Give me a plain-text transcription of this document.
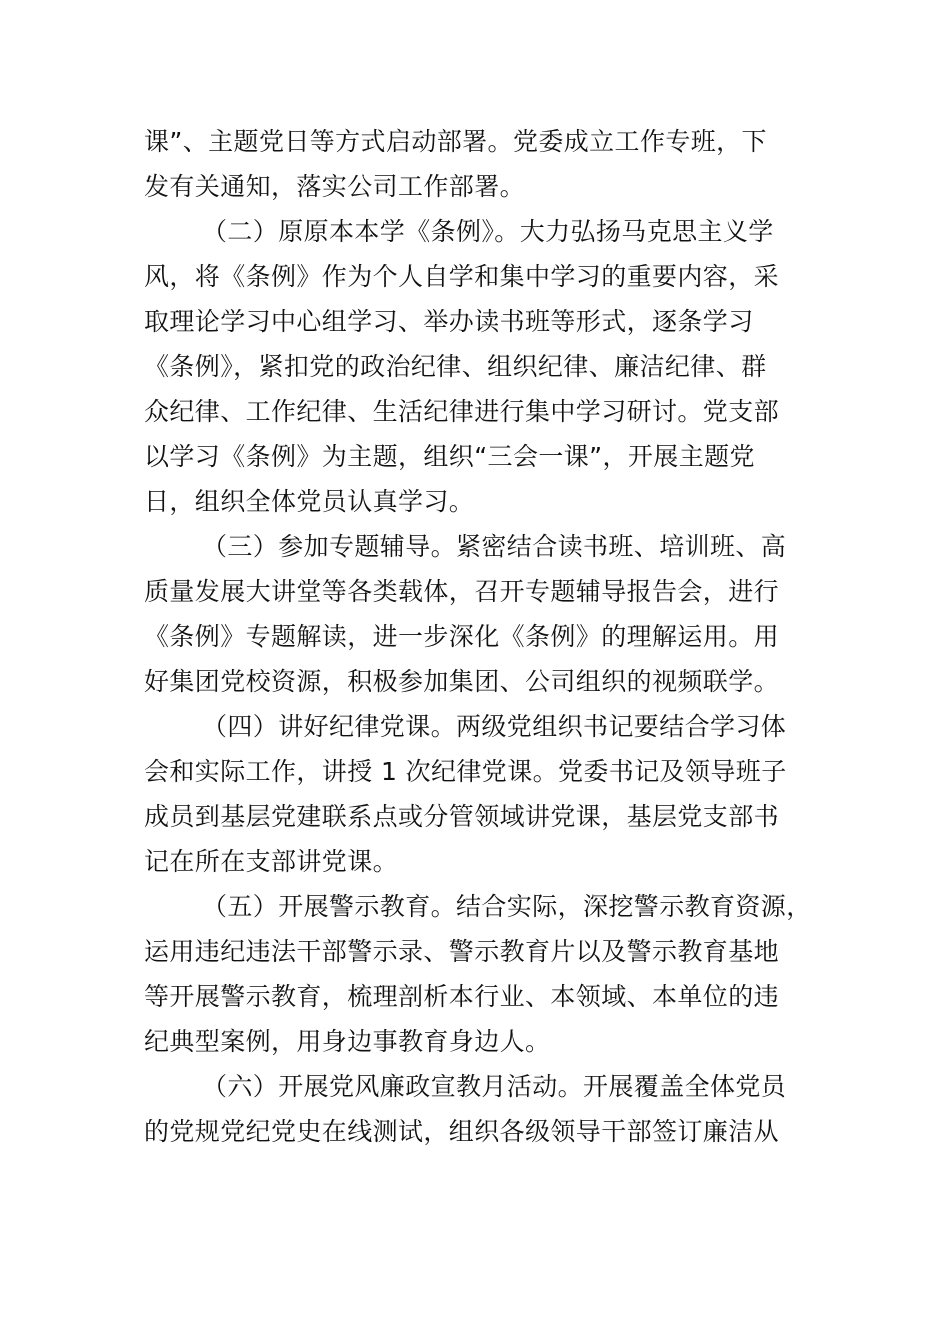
课”、主题党日等方式启动部署。党委成立工作专班，下
发有关通知，落实公司工作部署。
（二）原原本本学《条例》。大力弘扬马克思主义学
风，将《条例》作为个人自学和集中学习的重要内容，采
取理论学习中心组学习、举办读书班等形式，逐条学习
《条例》，紧扣党的政治纪律、组织纪律、廉洁纪律、群
众纪律、工作纪律、生活纪律进行集中学习研讨。党支部
以学习《条例》为主题，组织“三会一课”，开展主题党
日，组织全体党员认真学习。
（三）参加专题辅导。紧密结合读书班、培训班、高
质量发展大讲堂等各类载体，召开专题辅导报告会，进行
《条例》专题解读，进一步深化《条例》的理解运用。用
好集团党校资源，积极参加集团、公司组织的视频联学。
（四）讲好纪律党课。两级党组织书记要结合学习体
会和实际工作，讲授 1 次纪律党课。党委书记及领导班子
成员到基层党建联系点或分管领域讲党课，基层党支部书
记在所在支部讲党课。
（五）开展警示教育。结合实际，深挖警示教育资源，
运用违纪违法干部警示录、警示教育片以及警示教育基地
等开展警示教育，梳理剖析本行业、本领域、本单位的违
纪典型案例，用身边事教育身边人。
（六）开展党风廉政宣教月活动。开展覆盖全体党员
的党规党纪党史在线测试，组织各级领导干部签订廉洁从
